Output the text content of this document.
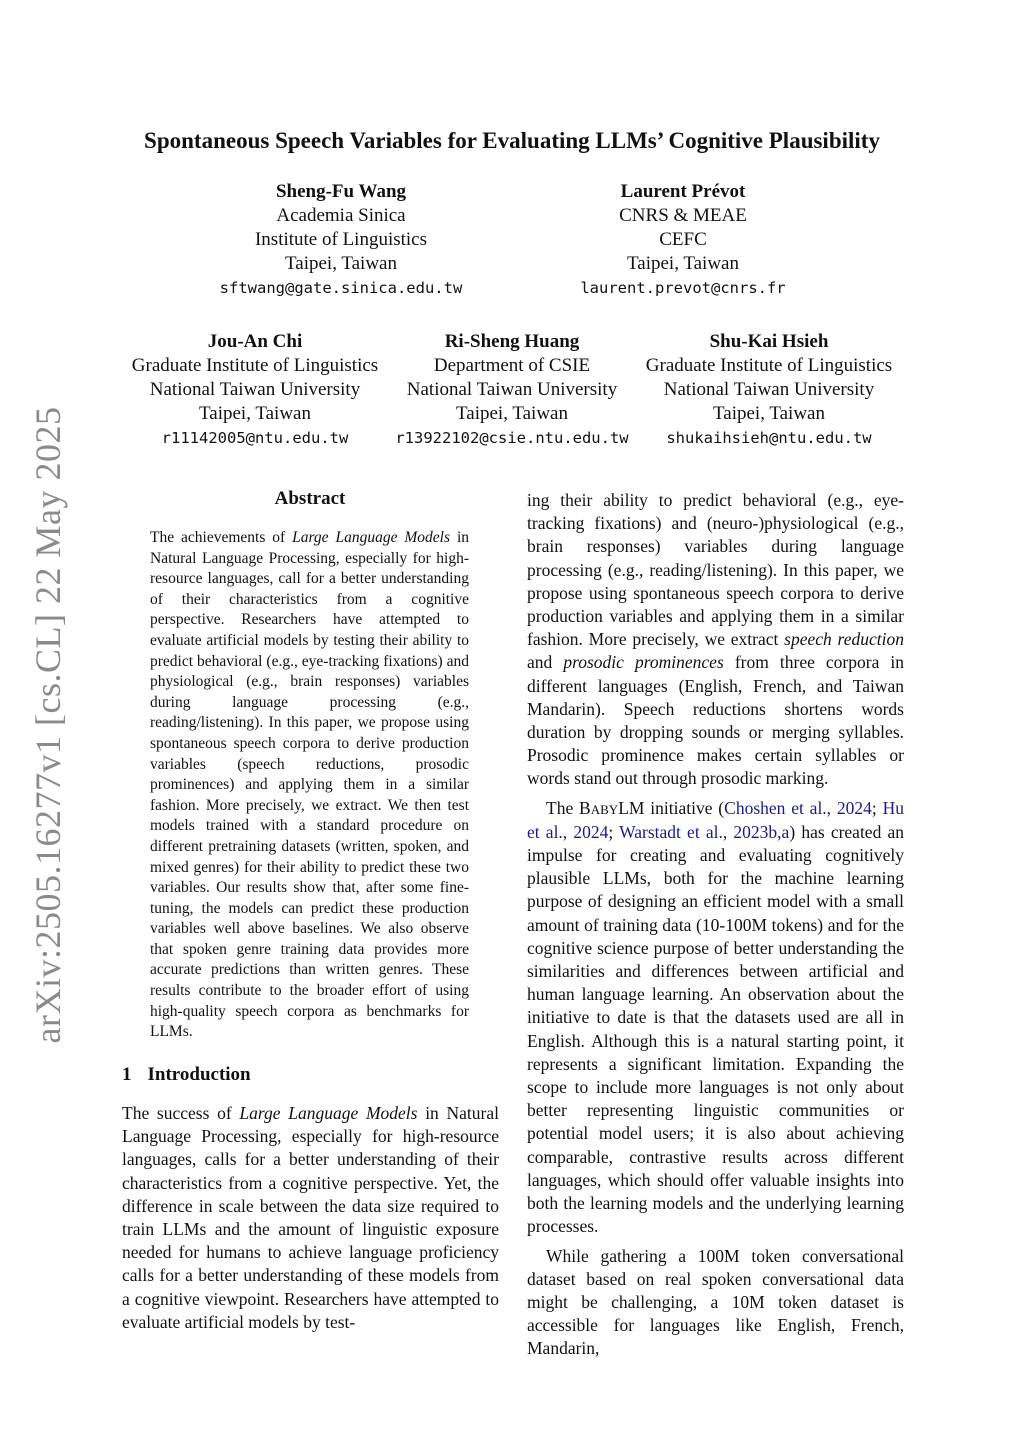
arXiv:2505.16277v1 [cs.CL] 22 May 2025
Spontaneous Speech Variables for Evaluating LLMs’ Cognitive Plausibility
Sheng-Fu Wang
Academia Sinica
Institute of Linguistics
Taipei, Taiwan
sftwang@gate.sinica.edu.tw
Laurent Prévot
CNRS & MEAE
CEFC
Taipei, Taiwan
laurent.prevot@cnrs.fr
Jou-An Chi
Graduate Institute of Linguistics
National Taiwan University
Taipei, Taiwan
r11142005@ntu.edu.tw
Ri-Sheng Huang
Department of CSIE
National Taiwan University
Taipei, Taiwan
r13922102@csie.ntu.edu.tw
Shu-Kai Hsieh
Graduate Institute of Linguistics
National Taiwan University
Taipei, Taiwan
shukaihsieh@ntu.edu.tw
Abstract
The achievements of Large Language Models in Natural Language Processing, especially for high-resource languages, call for a better understanding of their characteristics from a cognitive perspective. Researchers have attempted to evaluate artificial models by testing their ability to predict behavioral (e.g., eye-tracking fixations) and physiological (e.g., brain responses) variables during language processing (e.g., reading/listening). In this paper, we propose using spontaneous speech corpora to derive production variables (speech reductions, prosodic prominences) and applying them in a similar fashion. More precisely, we extract. We then test models trained with a standard procedure on different pretraining datasets (written, spoken, and mixed genres) for their ability to predict these two variables. Our results show that, after some fine-tuning, the models can predict these production variables well above baselines. We also observe that spoken genre training data provides more accurate predictions than written genres. These results contribute to the broader effort of using high-quality speech corpora as benchmarks for LLMs.
1 Introduction
The success of Large Language Models in Natural Language Processing, especially for high-resource languages, calls for a better understanding of their characteristics from a cognitive perspective. Yet, the difference in scale between the data size required to train LLMs and the amount of linguistic exposure needed for humans to achieve language proficiency calls for a better understanding of these models from a cognitive viewpoint. Researchers have attempted to evaluate artificial models by test-

ing their ability to predict behavioral (e.g., eye-tracking fixations) and (neuro-)physiological (e.g., brain responses) variables during language processing (e.g., reading/listening). In this paper, we propose using spontaneous speech corpora to derive production variables and applying them in a similar fashion. More precisely, we extract speech reduction and prosodic prominences from three corpora in different languages (English, French, and Taiwan Mandarin). Speech reductions shortens words duration by dropping sounds or merging syllables. Prosodic prominence makes certain syllables or words stand out through prosodic marking.

The BABYLM initiative (Choshen et al., 2024; Hu et al., 2024; Warstadt et al., 2023b,a) has created an impulse for creating and evaluating cognitively plausible LLMs, both for the machine learning purpose of designing an efficient model with a small amount of training data (10-100M tokens) and for the cognitive science purpose of better understanding the similarities and differences between artificial and human language learning. An observation about the initiative to date is that the datasets used are all in English. Although this is a natural starting point, it represents a significant limitation. Expanding the scope to include more languages is not only about better representing linguistic communities or potential model users; it is also about achieving comparable, contrastive results across different languages, which should offer valuable insights into both the learning models and the underlying learning processes.

While gathering a 100M token conversational dataset based on real spoken conversational data might be challenging, a 10M token dataset is accessible for languages like English, French, Mandarin,
